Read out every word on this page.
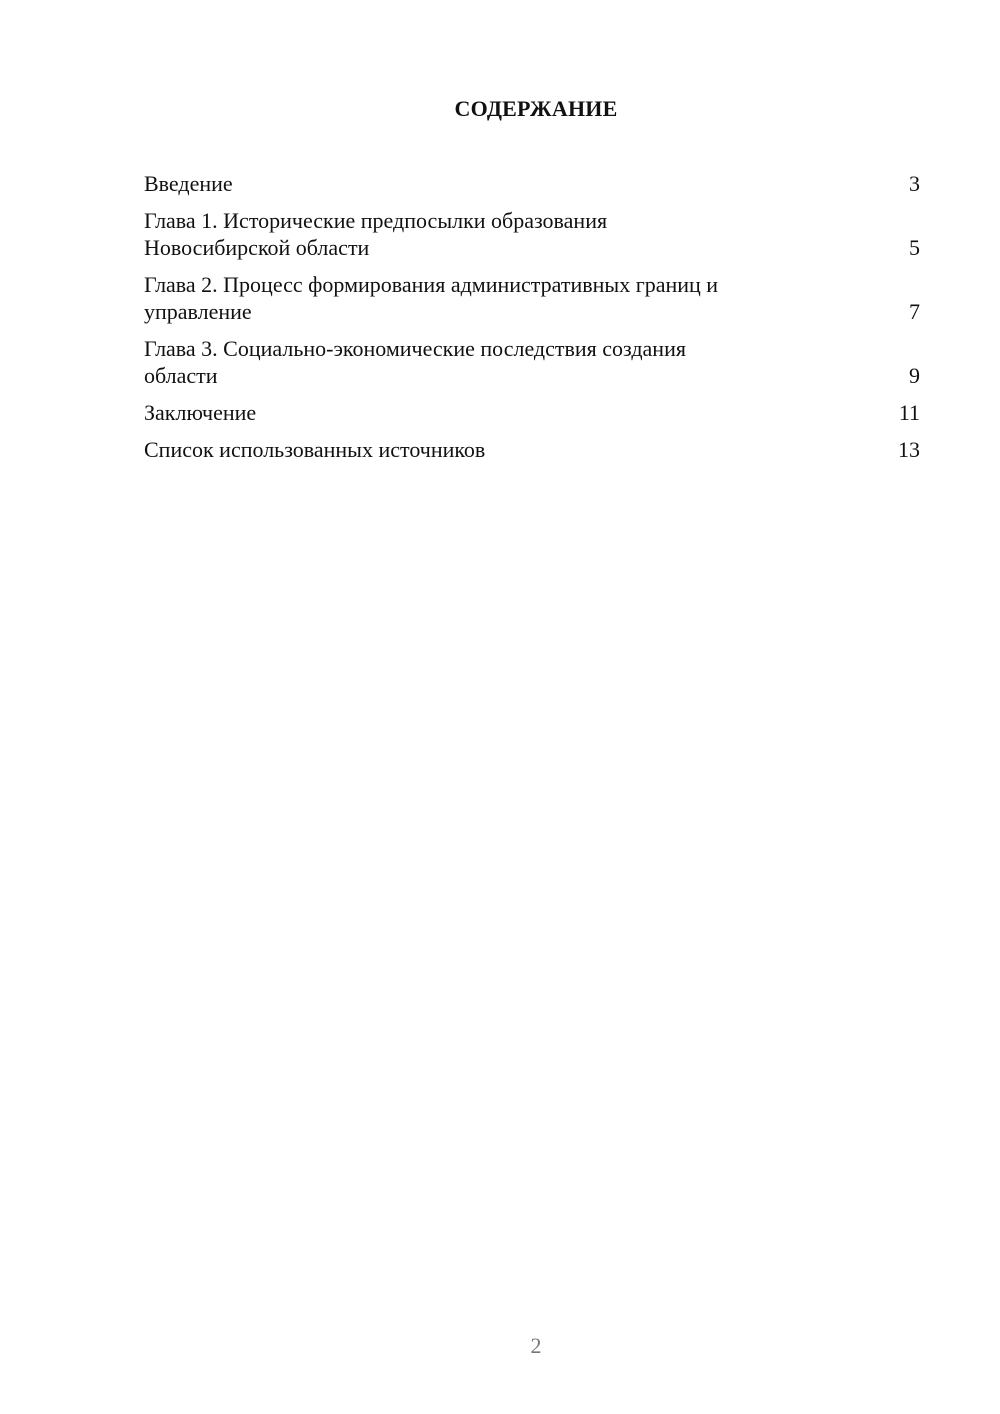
СОДЕРЖАНИЕ
Введение	3
Глава 1. Исторические предпосылки образования
Новосибирской области	5
Глава 2. Процесс формирования административных границ и
управление	7
Глава 3. Социально-экономические последствия создания
области	9
Заключение	11
Список использованных источников	13
2
